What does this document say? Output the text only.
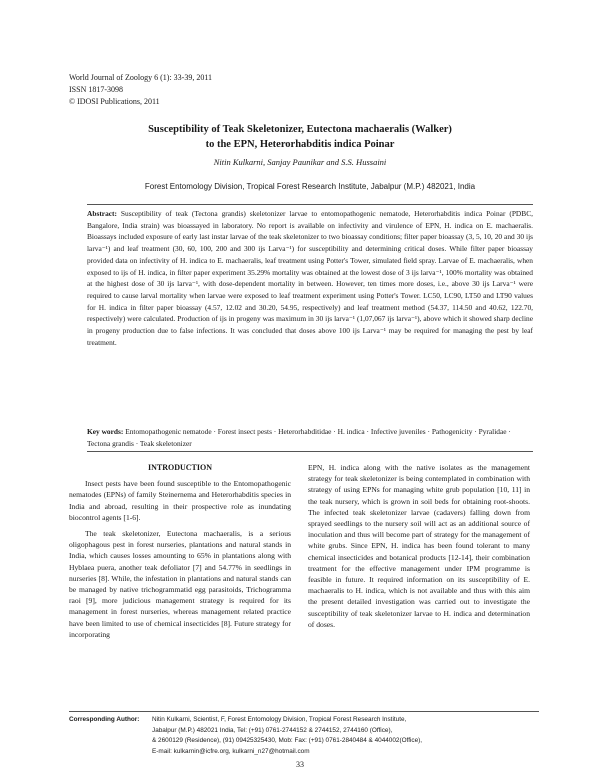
World Journal of Zoology 6 (1): 33-39, 2011
ISSN 1817-3098
© IDOSI Publications, 2011
Susceptibility of Teak Skeletonizer, Eutectona machaeralis (Walker)
to the EPN, Heterorhabditis indica Poinar
Nitin Kulkarni, Sanjay Paunikar and S.S. Hussaini
Forest Entomology Division, Tropical Forest Research Institute, Jabalpur (M.P.) 482021, India
Abstract: Susceptibility of teak (Tectona grandis) skeletonizer larvae to entomopathogenic nematode, Heterorhabditis indica Poinar (PDBC, Bangalore, India strain) was bioassayed in laboratory. No report is available on infectivity and virulence of EPN, H. indica on E. machaeralis. Bioassays included exposure of early last instar larvae of the teak skeletonizer to two bioassay conditions; filter paper bioassay (3, 5, 10, 20 and 30 ijs larva⁻¹) and leaf treatment (30, 60, 100, 200 and 300 ijs Larva⁻¹) for susceptibility and determining critical doses. While filter paper bioassay provided data on infectivity of H. indica to E. machaeralis, leaf treatment using Potter's Tower, simulated field spray. Larvae of E. machaeralis, when exposed to ijs of H. indica, in filter paper experiment 35.29% mortality was obtained at the lowest dose of 3 ijs larva⁻¹, 100% mortality was obtained at the highest dose of 30 ijs larva⁻¹, with dose-dependent mortality in between. However, ten times more doses, i.e., above 30 ijs Larva⁻¹ were required to cause larval mortality when larvae were exposed to leaf treatment experiment using Potter's Tower. LC50, LC90, LT50 and LT90 values for H. indica in filter paper bioassay (4.57, 12.02 and 30.20, 54.95, respectively) and leaf treatment method (54.37, 114.50 and 40.62, 122.70, respectively) were calculated. Production of ijs in progeny was maximum in 30 ijs larva⁻¹ (1,07,067 ijs larva⁻¹), above which it showed sharp decline in progeny production due to false infections. It was concluded that doses above 100 ijs Larva⁻¹ may be required for managing the pest by leaf treatment.
Key words: Entomopathogenic nematode · Forest insect pests · Heterorhabditidae · H. indica · Infective juveniles · Pathogenicity · Pyralidae · Tectona grandis · Teak skeletonizer

INTRODUCTION

Insect pests have been found susceptible to the Entomopathogenic nematodes (EPNs) of family Steinernema and Heterorhabditis species in India and abroad, resulting in their prospective role as inundating biocontrol agents [1-6].

The teak skeletonizer, Eutectona machaeralis, is a serious oligophagous pest in forest nurseries, plantations and natural stands in India, which causes losses amounting to 65% in plantations along with Hyblaea puera, another teak defoliator [7] and 54.77% in seedlings in nurseries [8]. While, the infestation in plantations and natural stands can be managed by native trichogrammatid egg parasitoids, Trichogramma raoi [9], more judicious management strategy is required for its management in forest nurseries, whereas management related practice have been limited to use of chemical insecticides [8]. Future strategy for incorporating

EPN, H. indica along with the native isolates as the management strategy for teak skeletonizer is being contemplated in combination with strategy of using EPNs for managing white grub population [10, 11] in the teak nursery, which is grown in soil beds for obtaining root-shoots. The infected teak skeletonizer larvae (cadavers) falling down from sprayed seedlings to the nursery soil will act as an additional source of inoculation and thus will become part of strategy for the management of white grubs. Since EPN, H. indica has been found tolerant to many chemical insecticides and botanical products [12-14], their combination treatment for the effective management under IPM programme is feasible in future. It required information on its susceptibility of E. machaeralis to H. indica, which is not available and thus with this aim the present detailed investigation was carried out to investigate the susceptibility of teak skeletonizer larvae to H. indica and determination of doses.

Corresponding Author: Nitin Kulkarni, Scientist, F, Forest Entomology Division, Tropical Forest Research Institute,
Jabalpur (M.P.) 482021 India, Tel: (+91) 0761-2744152 & 2744152, 2744160 (Office),
& 2600129 (Residence), (91) 09425325430, Mob: Fax: (+91) 0761-2840484 & 4044002(Office),
E-mail: kulkarnin@icfre.org, kulkarni_n27@hotmail.com
33
